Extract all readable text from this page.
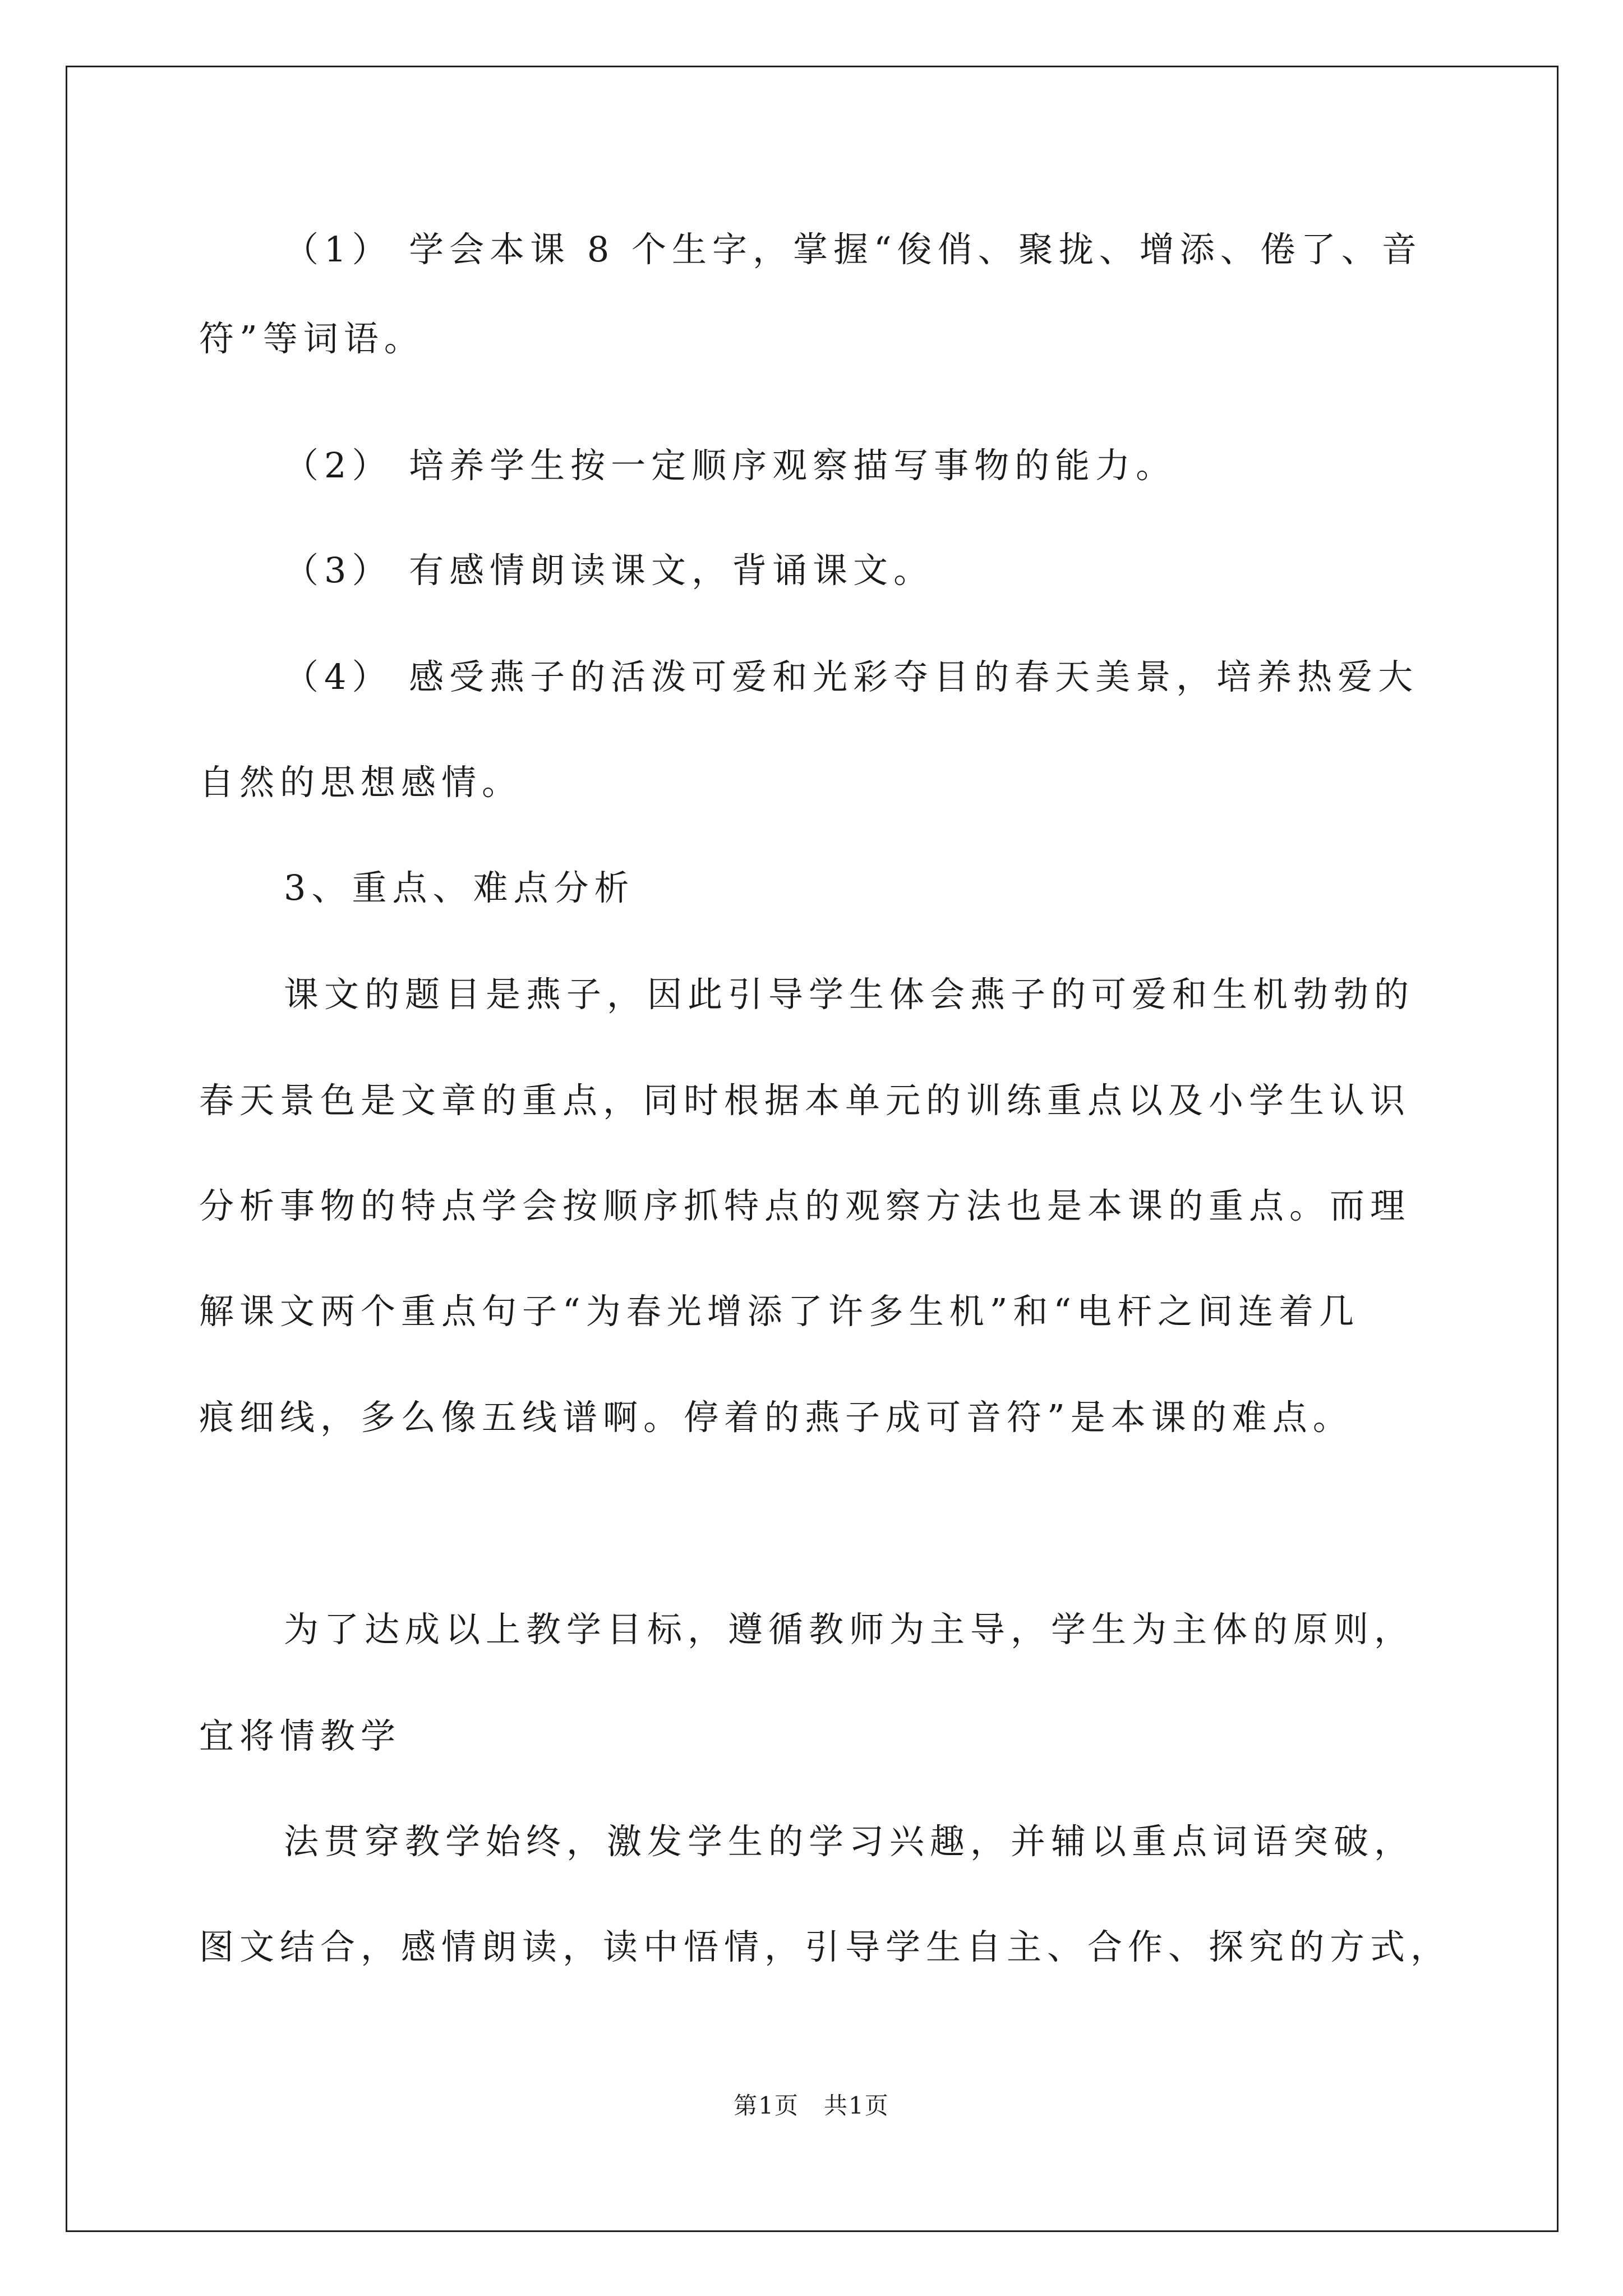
（1） 学会本课 8 个生字，掌握“俊俏、聚拢、增添、倦了、音
符”等词语。
（2） 培养学生按一定顺序观察描写事物的能力。
（3） 有感情朗读课文，背诵课文。
（4） 感受燕子的活泼可爱和光彩夺目的春天美景，培养热爱大
自然的思想感情。
3、重点、难点分析
课文的题目是燕子，因此引导学生体会燕子的可爱和生机勃勃的
春天景色是文章的重点，同时根据本单元的训练重点以及小学生认识
分析事物的特点学会按顺序抓特点的观察方法也是本课的重点。而理
解课文两个重点句子“为春光增添了许多生机”和“电杆之间连着几
痕细线，多么像五线谱啊。停着的燕子成可音符”是本课的难点。
为了达成以上教学目标，遵循教师为主导，学生为主体的原则，
宜将情教学
法贯穿教学始终，激发学生的学习兴趣，并辅以重点词语突破，
图文结合，感情朗读，读中悟情，引导学生自主、合作、探究的方式，
第1页　共1页
